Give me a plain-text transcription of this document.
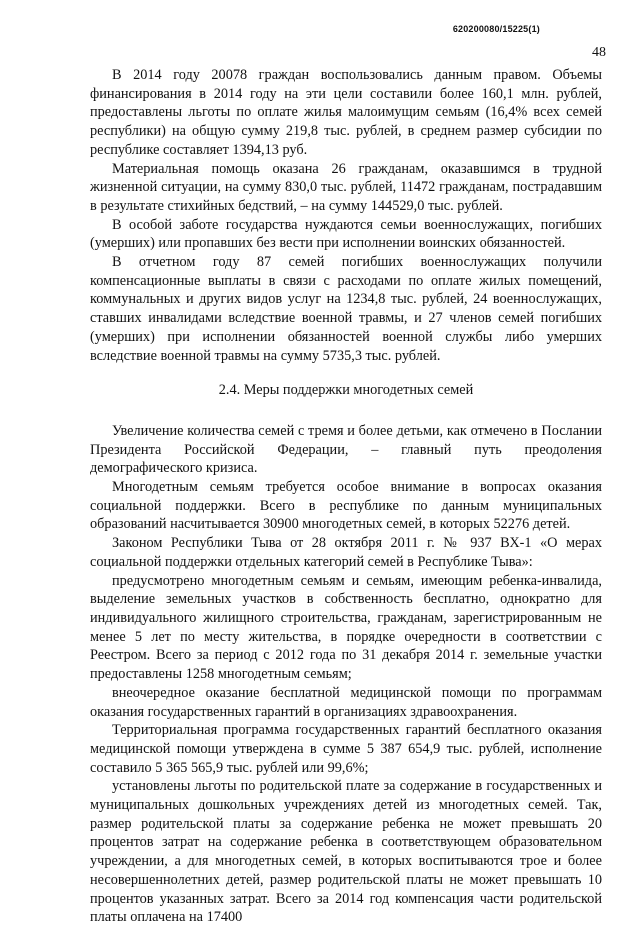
620200080/15225(1)
48

В 2014 году 20078 граждан воспользовались данным правом. Объемы финансирования в 2014 году на эти цели составили более 160,1 млн. рублей, предоставлены льготы по оплате жилья малоимущим семьям (16,4% всех семей республики) на общую сумму 219,8 тыс. рублей, в среднем размер субсидии по республике составляет 1394,13 руб.

Материальная помощь оказана 26 гражданам, оказавшимся в трудной жизненной ситуации, на сумму 830,0 тыс. рублей, 11472 гражданам, пострадавшим в результате стихийных бедствий, – на сумму 144529,0 тыс. рублей.

В особой заботе государства нуждаются семьи военнослужащих, погибших (умерших) или пропавших без вести при исполнении воинских обязанностей.

В отчетном году 87 семей погибших военнослужащих получили компенсационные выплаты в связи с расходами по оплате жилых помещений, коммунальных и других видов услуг на 1234,8 тыс. рублей, 24 военнослужащих, ставших инвалидами вследствие военной травмы, и 27 членов семей погибших (умерших) при исполнении обязанностей военной службы либо умерших вследствие военной травмы на сумму 5735,3 тыс. рублей.

2.4. Меры поддержки многодетных семей

Увеличение количества семей с тремя и более детьми, как отмечено в Послании Президента Российской Федерации, – главный путь преодоления демографического кризиса.

Многодетным семьям требуется особое внимание в вопросах оказания социальной поддержки. Всего в республике по данным муниципальных образований насчитывается 30900 многодетных семей, в которых 52276 детей.

Законом Республики Тыва от 28 октября 2011 г. № 937 ВХ-1 «О мерах социальной поддержки отдельных категорий семей в Республике Тыва»:

предусмотрено многодетным семьям и семьям, имеющим ребенка-инвалида, выделение земельных участков в собственность бесплатно, однократно для индивидуального жилищного строительства, гражданам, зарегистрированным не менее 5 лет по месту жительства, в порядке очередности в соответствии с Реестром. Всего за период с 2012 года по 31 декабря 2014 г. земельные участки предоставлены 1258 многодетным семьям;

внеочередное оказание бесплатной медицинской помощи по программам оказания государственных гарантий в организациях здравоохранения.

Территориальная программа государственных гарантий бесплатного оказания медицинской помощи утверждена в сумме 5 387 654,9 тыс. рублей, исполнение составило 5 365 565,9 тыс. рублей или 99,6%;

установлены льготы по родительской плате за содержание в государственных и муниципальных дошкольных учреждениях детей из многодетных семей. Так, размер родительской платы за содержание ребенка не может превышать 20 процентов затрат на содержание ребенка в соответствующем образовательном учреждении, а для многодетных семей, в которых воспитываются трое и более несовершеннолетних детей, размер родительской платы не может превышать 10 процентов указанных затрат. Всего за 2014 год компенсация части родительской платы оплачена на 17400
